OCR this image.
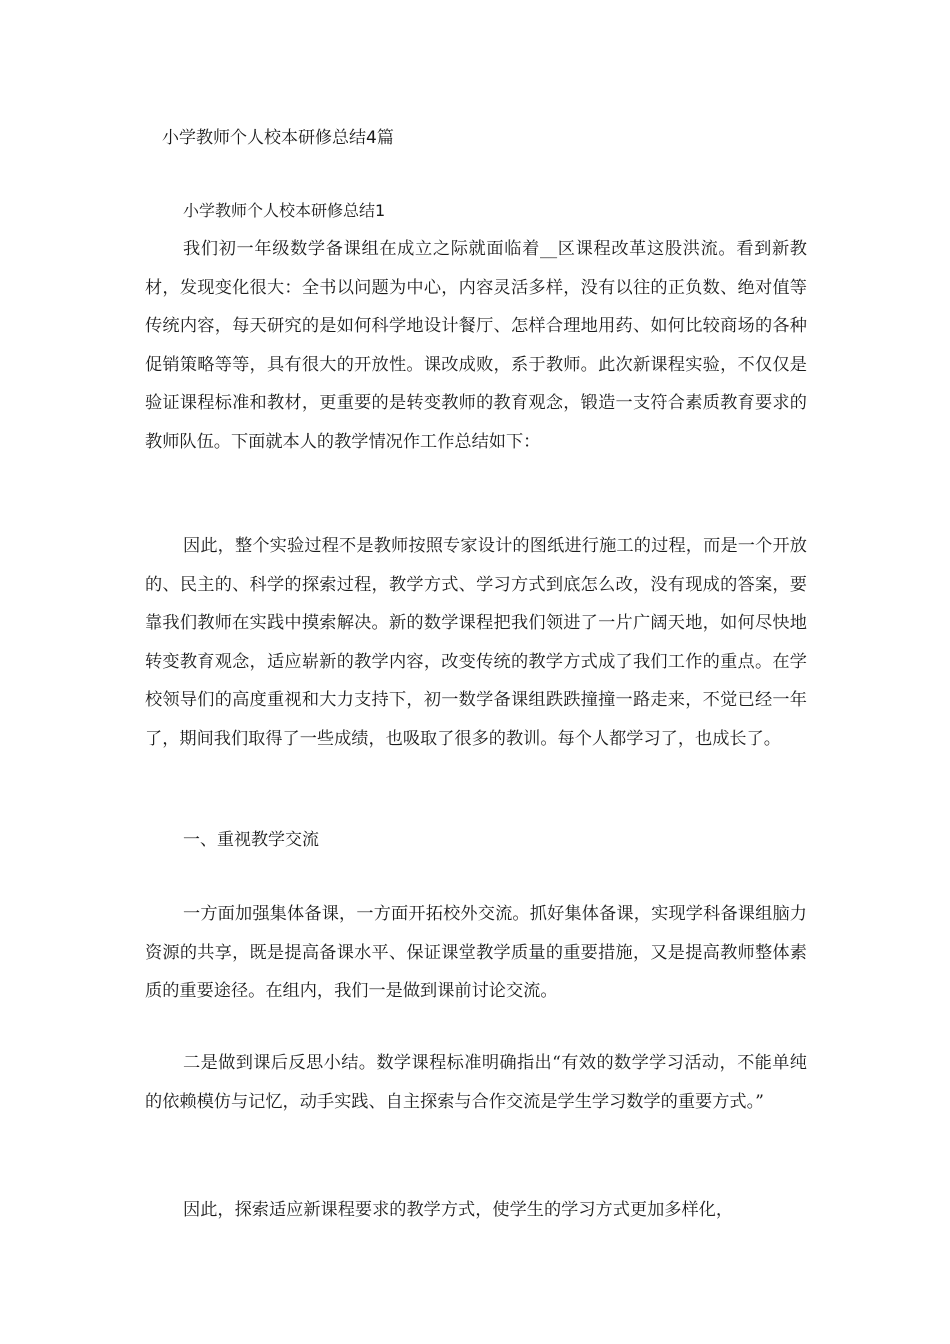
小学教师个人校本研修总结4篇
小学教师个人校本研修总结1

我们初一年级数学备课组在成立之际就面临着__区课程改革这股洪流。看到新教材，发现变化很大：全书以问题为中心，内容灵活多样，没有以往的正负数、绝对值等传统内容，每天研究的是如何科学地设计餐厅、怎样合理地用药、如何比较商场的各种促销策略等等，具有很大的开放性。课改成败，系于教师。此次新课程实验，不仅仅是验证课程标准和教材，更重要的是转变教师的教育观念，锻造一支符合素质教育要求的教师队伍。下面就本人的教学情况作工作总结如下：

因此，整个实验过程不是教师按照专家设计的图纸进行施工的过程，而是一个开放的、民主的、科学的探索过程，教学方式、学习方式到底怎么改，没有现成的答案，要靠我们教师在实践中摸索解决。新的数学课程把我们领进了一片广阔天地，如何尽快地转变教育观念，适应崭新的教学内容，改变传统的教学方式成了我们工作的重点。在学校领导们的高度重视和大力支持下，初一数学备课组跌跌撞撞一路走来，不觉已经一年了，期间我们取得了一些成绩，也吸取了很多的教训。每个人都学习了，也成长了。

一、重视教学交流

一方面加强集体备课，一方面开拓校外交流。抓好集体备课，实现学科备课组脑力资源的共享，既是提高备课水平、保证课堂教学质量的重要措施，又是提高教师整体素质的重要途径。在组内，我们一是做到课前讨论交流。

二是做到课后反思小结。数学课程标准明确指出“有效的数学学习活动，不能单纯的依赖模仿与记忆，动手实践、自主探索与合作交流是学生学习数学的重要方式。”

因此，探索适应新课程要求的教学方式，使学生的学习方式更加多样化，
